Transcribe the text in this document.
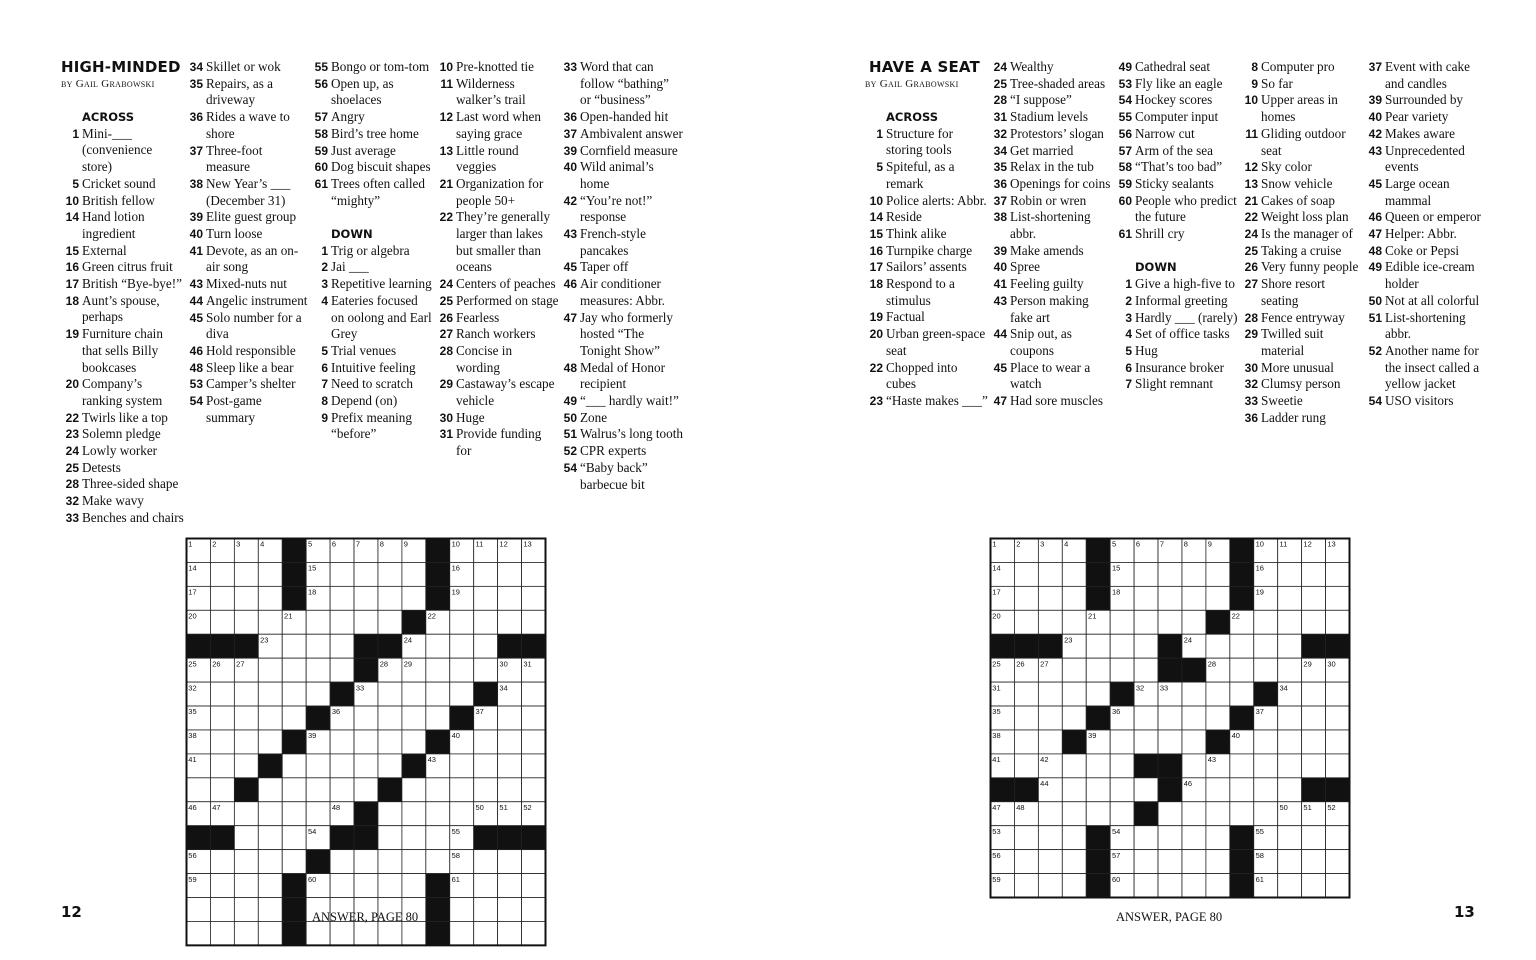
HIGH-MINDED
by Gail Grabowski
ACROSS
1 Mini-___ (convenience store)
5 Cricket sound
10 British fellow
14 Hand lotion ingredient
15 External
16 Green citrus fruit
17 British “Bye-bye!”
18 Aunt’s spouse, perhaps
19 Furniture chain that sells Billy bookcases
20 Company’s ranking system
22 Twirls like a top
23 Solemn pledge
24 Lowly worker
25 Detests
28 Three-sided shape
32 Make wavy
33 Benches and chairs
34 Skillet or wok
35 Repairs, as a driveway
36 Rides a wave to shore
37 Three-foot measure
38 New Year’s ___ (December 31)
39 Elite guest group
40 Turn loose
41 Devote, as an on-air song
43 Mixed-nuts nut
44 Angelic instrument
45 Solo number for a diva
46 Hold responsible
48 Sleep like a bear
53 Camper’s shelter
54 Post-game summary
55 Bongo or tom-tom
56 Open up, as shoelaces
57 Angry
58 Bird’s tree home
59 Just average
60 Dog biscuit shapes
61 Trees often called “mighty”
DOWN
1 Trig or algebra
2 Jai ___
3 Repetitive learning
4 Eateries focused on oolong and Earl Grey
5 Trial venues
6 Intuitive feeling
7 Need to scratch
8 Depend (on)
9 Prefix meaning “before”
10 Pre-knotted tie
11 Wilderness walker’s trail
12 Last word when saying grace
13 Little round veggies
21 Organization for people 50+
22 They’re generally larger than lakes but smaller than oceans
24 Centers of peaches
25 Performed on stage
26 Fearless
27 Ranch workers
28 Concise in wording
29 Castaway’s escape vehicle
30 Huge
31 Provide funding for
33 Word that can follow “bathing” or “business”
36 Open-handed hit
37 Ambivalent answer
39 Cornfield measure
40 Wild animal’s home
42 “You’re not!” response
43 French-style pancakes
45 Taper off
46 Air conditioner measures: Abbr.
47 Jay who formerly hosted “The Tonight Show”
48 Medal of Honor recipient
49 “___ hardly wait!”
50 Zone
51 Walrus’s long tooth
52 CPR experts
54 “Baby back” barbecue bit
1	2	3	4	5	6	7	8	9	10 11 12 13
14	15	16
17	18	19
20	21	22
23	24
25 26 27	28 29	30 31
32	33	34
35	36	37
38	39	40
41	42	43
44	45
46 47	48 49	50 51 52
53	54	55
56	57	58
59	60	61
12	ANSWER, PAGE 80
HAVE A SEAT
by Gail Grabowski
ACROSS
1 Structure for storing tools
5 Spiteful, as a remark
10 Police alerts: Abbr.
14 Reside
15 Think alike
16 Turnpike charge
17 Sailors’ assents
18 Respond to a stimulus
19 Factual
20 Urban green-space seat
22 Chopped into cubes
23 “Haste makes ___”
24 Wealthy
25 Tree-shaded areas
28 “I suppose”
31 Stadium levels
32 Protestors’ slogan
34 Get married
35 Relax in the tub
36 Openings for coins
37 Robin or wren
38 List-shortening abbr.
39 Make amends
40 Spree
41 Feeling guilty
43 Person making fake art
44 Snip out, as coupons
45 Place to wear a watch
47 Had sore muscles
49 Cathedral seat
53 Fly like an eagle
54 Hockey scores
55 Computer input
56 Narrow cut
57 Arm of the sea
58 “That’s too bad”
59 Sticky sealants
60 People who predict the future
61 Shrill cry
DOWN
1 Give a high-five to
2 Informal greeting
3 Hardly ___ (rarely)
4 Set of office tasks
5 Hug
6 Insurance broker
7 Slight remnant
8 Computer pro
9 So far
10 Upper areas in homes
11 Gliding outdoor seat
12 Sky color
13 Snow vehicle
21 Cakes of soap
22 Weight loss plan
24 Is the manager of
25 Taking a cruise
26 Very funny people
27 Shore resort seating
28 Fence entryway
29 Twilled suit material
30 More unusual
32 Clumsy person
33 Sweetie
36 Ladder rung
37 Event with cake and candles
39 Surrounded by
40 Pear variety
42 Makes aware
43 Unprecedented events
45 Large ocean mammal
46 Queen or emperor
47 Helper: Abbr.
48 Coke or Pepsi
49 Edible ice-cream holder
50 Not at all colorful
51 List-shortening abbr.
52 Another name for the insect called a yellow jacket
54 USO visitors
1	2	3	4	5	6	7	8	9	10 11 12 13
14	15	16
17	18	19
20	21	22
23	24
25 26 27	28	29 30
31	32 33	34
35	36	37
38	39	40
41	42	43
44	45 46
47 48	49	50 51 52
53	54	55
56	57	58
59	60	61
ANSWER, PAGE 80	13
